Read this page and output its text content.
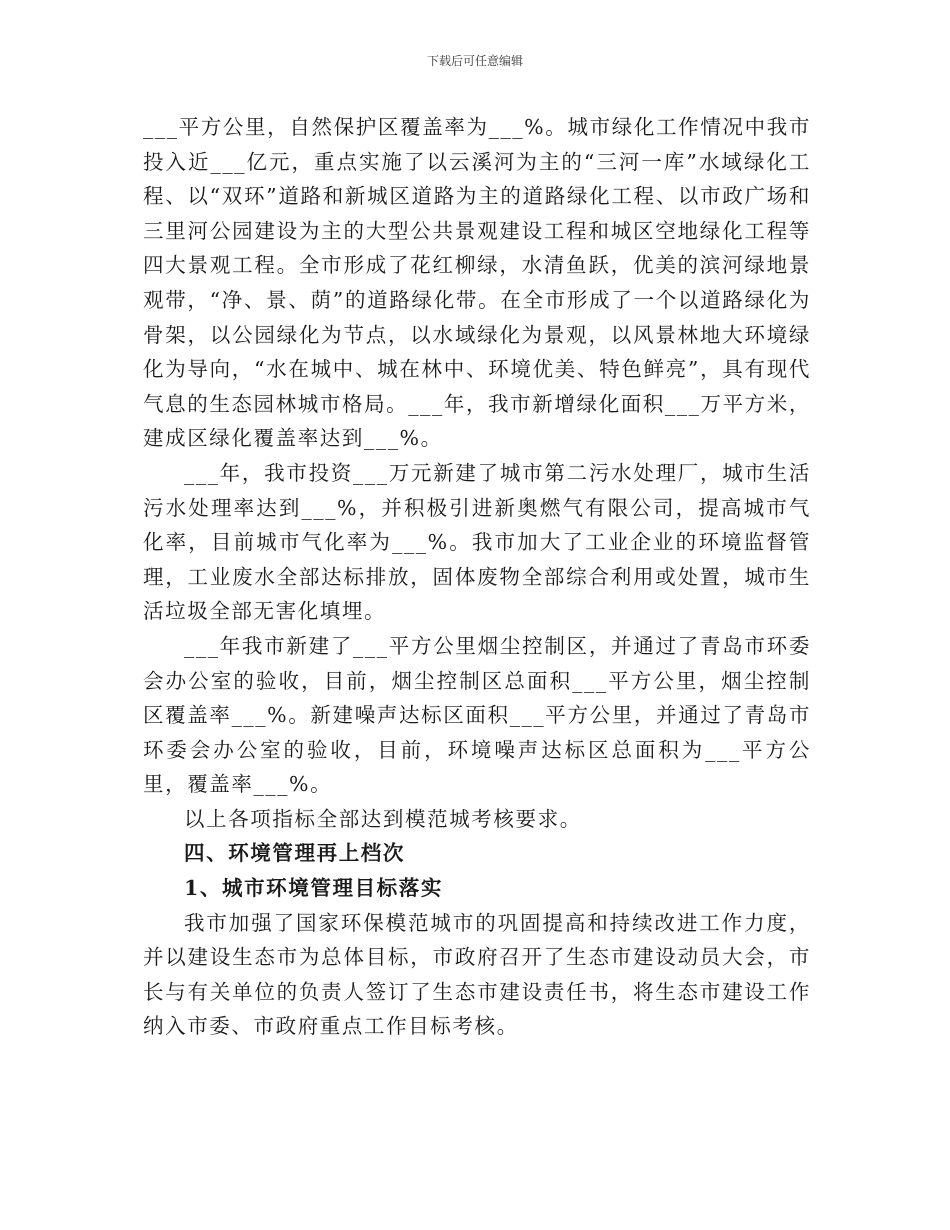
下载后可任意编辑

___平方公里，自然保护区覆盖率为___%。城市绿化工作情况中我市投入近___亿元，重点实施了以云溪河为主的“三河一库”水域绿化工程、以“双环”道路和新城区道路为主的道路绿化工程、以市政广场和三里河公园建设为主的大型公共景观建设工程和城区空地绿化工程等四大景观工程。全市形成了花红柳绿，水清鱼跃，优美的滨河绿地景观带，“净、景、荫”的道路绿化带。在全市形成了一个以道路绿化为骨架，以公园绿化为节点，以水域绿化为景观，以风景林地大环境绿化为导向，“水在城中、城在林中、环境优美、特色鲜亮”，具有现代气息的生态园林城市格局。___年，我市新增绿化面积___万平方米，建成区绿化覆盖率达到___%。

___年，我市投资___万元新建了城市第二污水处理厂，城市生活污水处理率达到___%，并积极引进新奥燃气有限公司，提高城市气化率，目前城市气化率为___%。我市加大了工业企业的环境监督管理，工业废水全部达标排放，固体废物全部综合利用或处置，城市生活垃圾全部无害化填埋。

___年我市新建了___平方公里烟尘控制区，并通过了青岛市环委会办公室的验收，目前，烟尘控制区总面积___平方公里，烟尘控制区覆盖率___%。新建噪声达标区面积___平方公里，并通过了青岛市环委会办公室的验收，目前，环境噪声达标区总面积为___平方公里，覆盖率___%。

以上各项指标全部达到模范城考核要求。

四、环境管理再上档次

1、城市环境管理目标落实

我市加强了国家环保模范城市的巩固提高和持续改进工作力度，并以建设生态市为总体目标，市政府召开了生态市建设动员大会，市长与有关单位的负责人签订了生态市建设责任书，将生态市建设工作纳入市委、市政府重点工作目标考核。
